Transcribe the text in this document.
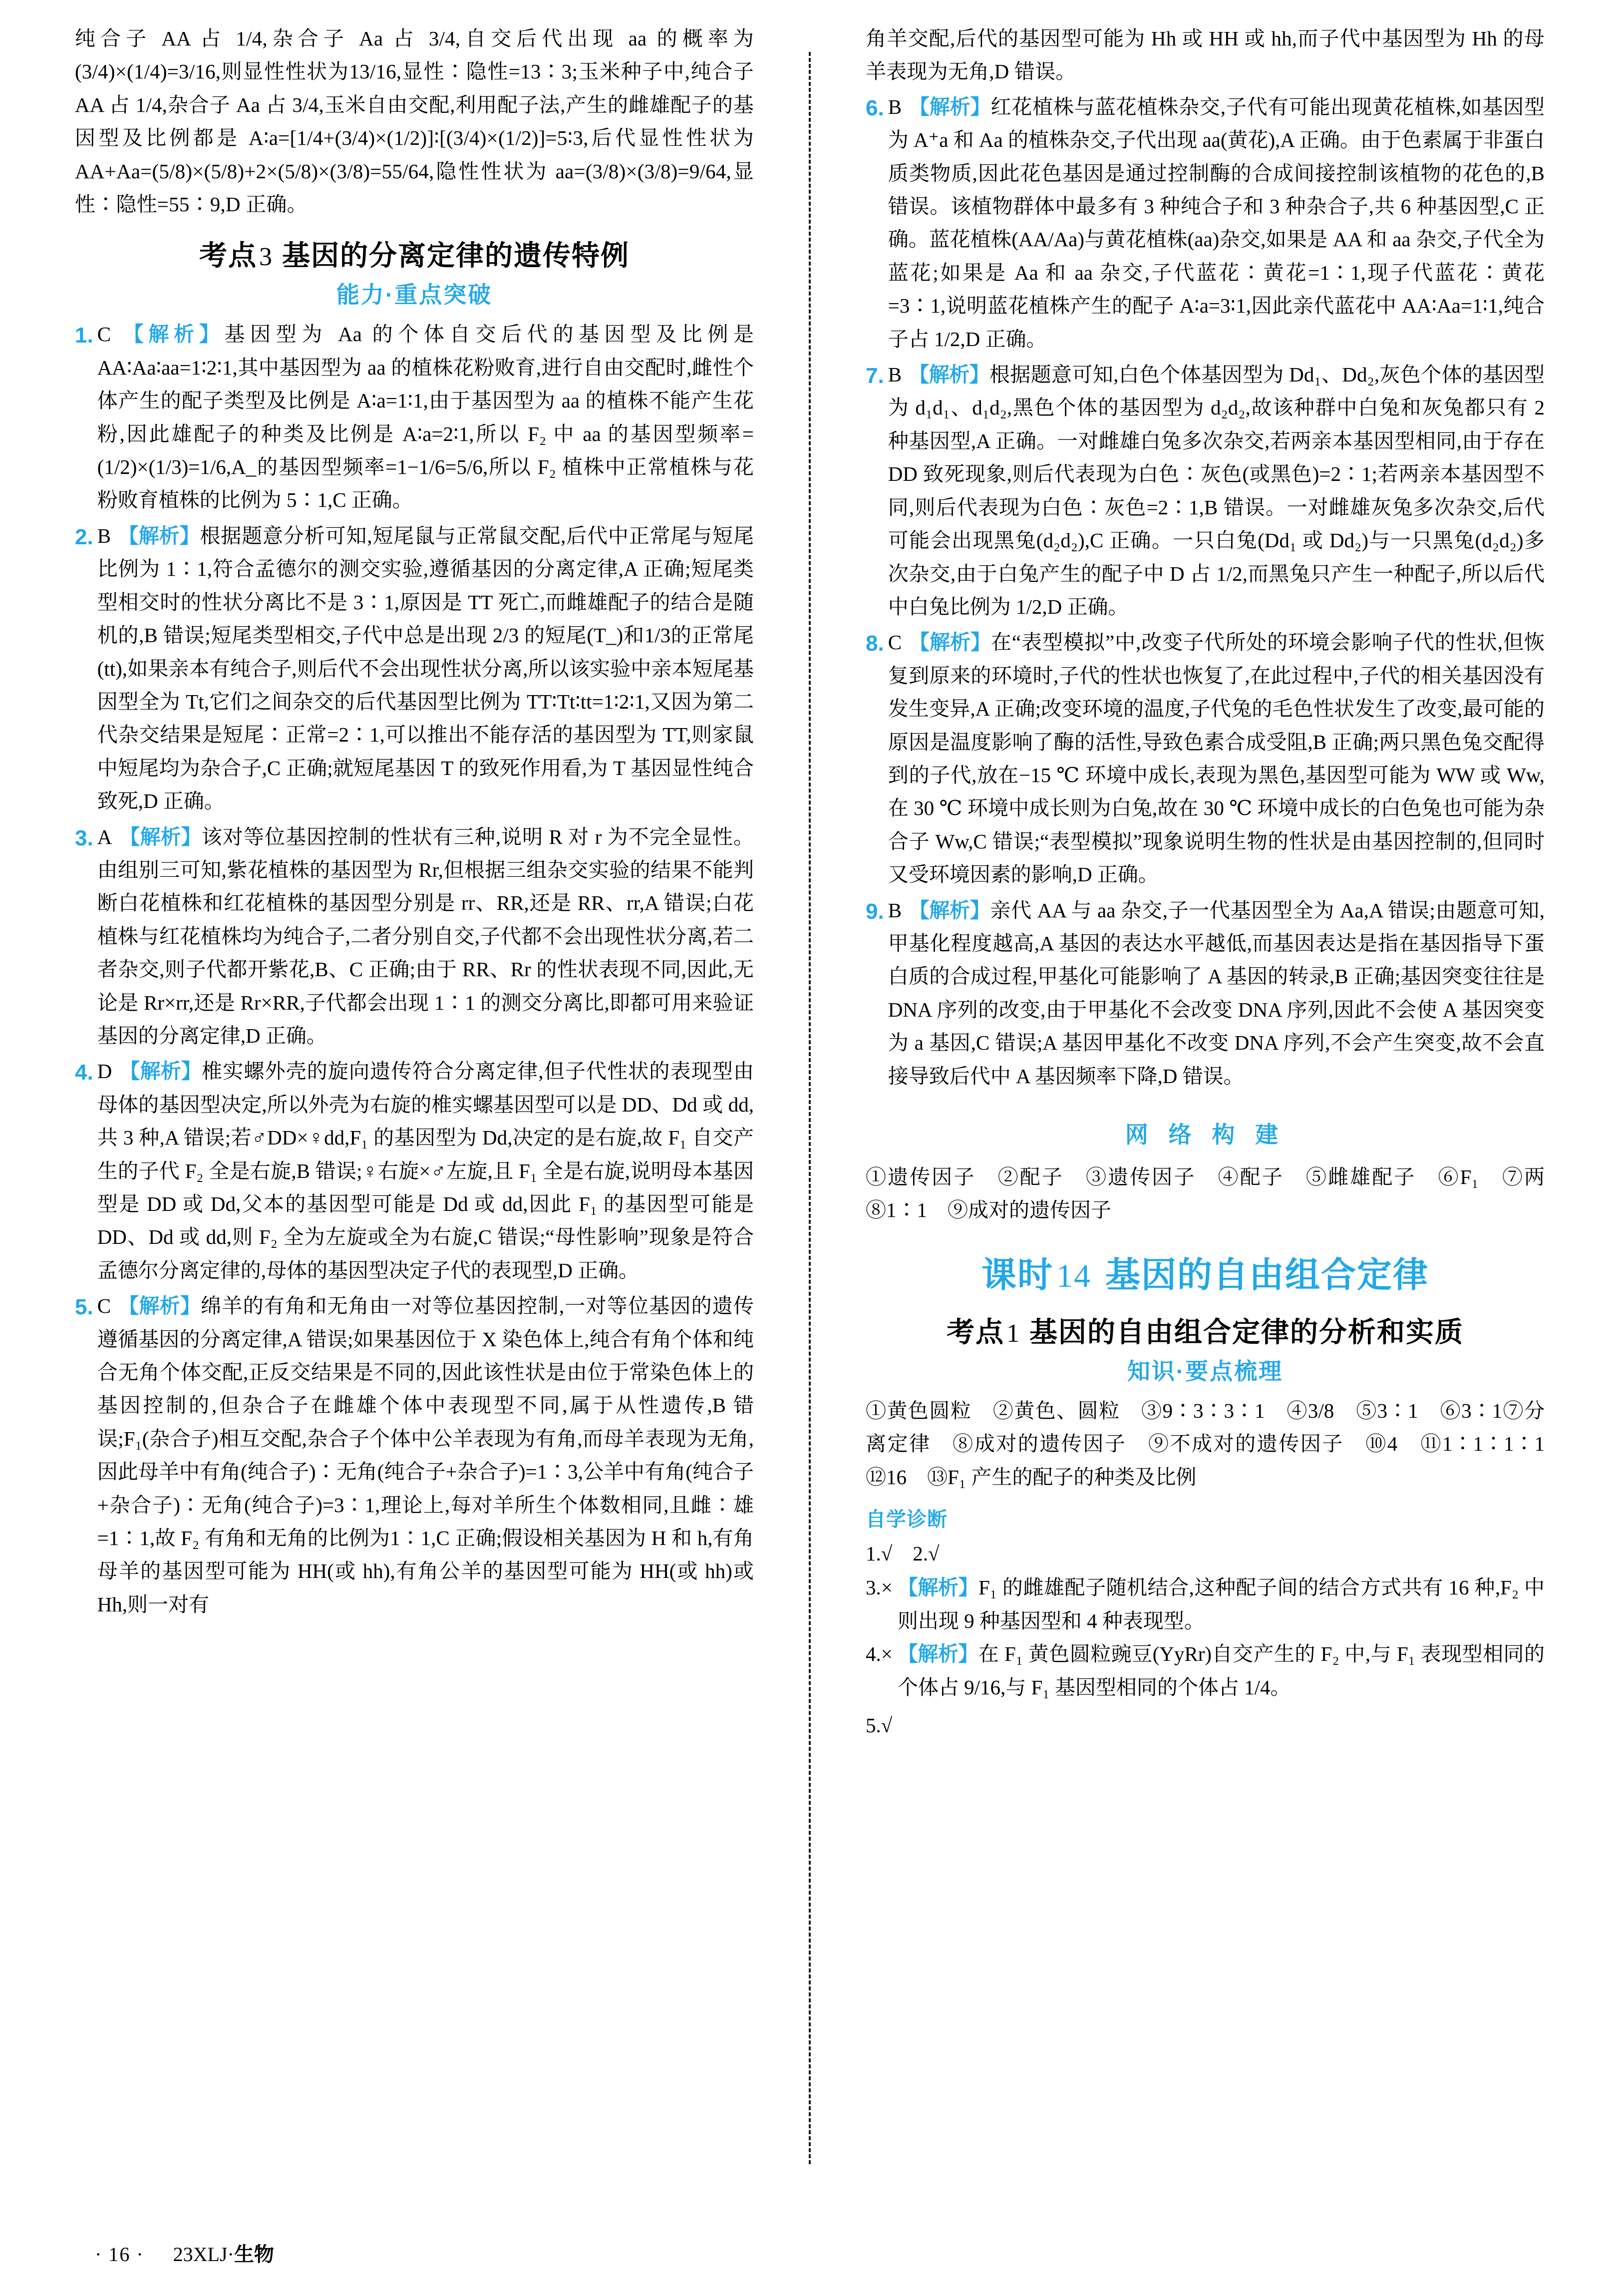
纯合子 AA 占 1/4,杂合子 Aa 占 3/4,自交后代出现 aa 的概率为(3/4)×(1/4)=3/16,则显性性状为13/16,显性∶隐性=13∶3;玉米种子中,纯合子 AA 占 1/4,杂合子 Aa 占 3/4,玉米自由交配,利用配子法,产生的雌雄配子的基因型及比例都是 A∶a=[1/4+(3/4)×(1/2)]∶[(3/4)×(1/2)]=5∶3,后代显性性状为 AA+Aa=(5/8)×(5/8)+2×(5/8)×(3/8)=55/64,隐性性状为 aa=(3/8)×(3/8)=9/64,显性∶隐性=55∶9,D 正确。

考点3 基因的分离定律的遗传特例
能力·重点突破
1. C 【解析】基因型为 Aa 的个体自交后代的基因型及比例是 AA∶Aa∶aa=1∶2∶1,其中基因型为 aa 的植株花粉败育,进行自由交配时,雌性个体产生的配子类型及比例是 A∶a=1∶1,由于基因型为 aa 的植株不能产生花粉,因此雄配子的种类及比例是 A∶a=2∶1,所以 F₂ 中 aa 的基因型频率=(1/2)×(1/3)=1/6,A_的基因型频率=1−1/6=5/6,所以 F₂ 植株中正常植株与花粉败育植株的比例为 5∶1,C 正确。
2. B 【解析】根据题意分析可知,短尾鼠与正常鼠交配,后代中正常尾与短尾比例为 1∶1,符合孟德尔的测交实验,遵循基因的分离定律,A 正确;短尾类型相交时的性状分离比不是 3∶1,原因是 TT 死亡,而雌雄配子的结合是随机的,B 错误;短尾类型相交,子代中总是出现 2/3 的短尾(T_)和1/3的正常尾(tt),如果亲本有纯合子,则后代不会出现性状分离,所以该实验中亲本短尾基因型全为 Tt,它们之间杂交的后代基因型比例为 TT∶Tt∶tt=1∶2∶1,又因为第二代杂交结果是短尾∶正常=2∶1,可以推出不能存活的基因型为 TT,则家鼠中短尾均为杂合子,C 正确;就短尾基因 T 的致死作用看,为 T 基因显性纯合致死,D 正确。
3. A 【解析】该对等位基因控制的性状有三种,说明 R 对 r 为不完全显性。由组别三可知,紫花植株的基因型为 Rr,但根据三组杂交实验的结果不能判断白花植株和红花植株的基因型分别是 rr、RR,还是 RR、rr,A 错误;白花植株与红花植株均为纯合子,二者分别自交,子代都不会出现性状分离,若二者杂交,则子代都开紫花,B、C 正确;由于 RR、Rr 的性状表现不同,因此,无论是 Rr×rr,还是 Rr×RR,子代都会出现 1∶1 的测交分离比,即都可用来验证基因的分离定律,D 正确。
4. D 【解析】椎实螺外壳的旋向遗传符合分离定律,但子代性状的表现型由母体的基因型决定,所以外壳为右旋的椎实螺基因型可以是 DD、Dd 或 dd,共 3 种,A 错误;若♂DD×♀dd,F₁ 的基因型为 Dd,决定的是右旋,故 F₁ 自交产生的子代 F₂ 全是右旋,B 错误;♀右旋×♂左旋,且 F₁ 全是右旋,说明母本基因型是 DD 或 Dd,父本的基因型可能是 Dd 或 dd,因此 F₁ 的基因型可能是 DD、Dd 或 dd,则 F₂ 全为左旋或全为右旋,C 错误;“母性影响”现象是符合孟德尔分离定律的,母体的基因型决定子代的表现型,D 正确。
5. C 【解析】绵羊的有角和无角由一对等位基因控制,一对等位基因的遗传遵循基因的分离定律,A 错误;如果基因位于 X 染色体上,纯合有角个体和纯合无角个体交配,正反交结果是不同的,因此该性状是由位于常染色体上的基因控制的,但杂合子在雌雄个体中表现型不同,属于从性遗传,B 错误;F₁(杂合子)相互交配,杂合子个体中公羊表现为有角,而母羊表现为无角,因此母羊中有角(纯合子)∶无角(纯合子+杂合子)=1∶3,公羊中有角(纯合子+杂合子)∶无角(纯合子)=3∶1,理论上,每对羊所生个体数相同,且雌∶雄=1∶1,故 F₂ 有角和无角的比例为1∶1,C 正确;假设相关基因为 H 和 h,有角母羊的基因型可能为 HH(或 hh),有角公羊的基因型可能为 HH(或 hh)或 Hh,则一对有

角羊交配,后代的基因型可能为 Hh 或 HH 或 hh,而子代中基因型为 Hh 的母羊表现为无角,D 错误。

6. B 【解析】红花植株与蓝花植株杂交,子代有可能出现黄花植株,如基因型为 A⁺a 和 Aa 的植株杂交,子代出现 aa(黄花),A 正确。由于色素属于非蛋白质类物质,因此花色基因是通过控制酶的合成间接控制该植物的花色的,B 错误。该植物群体中最多有 3 种纯合子和 3 种杂合子,共 6 种基因型,C 正确。蓝花植株(AA/Aa)与黄花植株(aa)杂交,如果是 AA 和 aa 杂交,子代全为蓝花;如果是 Aa 和 aa 杂交,子代蓝花∶黄花=1∶1,现子代蓝花∶黄花=3∶1,说明蓝花植株产生的配子 A∶a=3∶1,因此亲代蓝花中 AA∶Aa=1∶1,纯合子占 1/2,D 正确。
7. B 【解析】根据题意可知,白色个体基因型为 Dd₁、Dd₂,灰色个体的基因型为 d₁d₁、d₁d₂,黑色个体的基因型为 d₂d₂,故该种群中白兔和灰兔都只有 2 种基因型,A 正确。一对雌雄白兔多次杂交,若两亲本基因型相同,由于存在 DD 致死现象,则后代表现为白色∶灰色(或黑色)=2∶1;若两亲本基因型不同,则后代表现为白色∶灰色=2∶1,B 错误。一对雌雄灰兔多次杂交,后代可能会出现黑兔(d₂d₂),C 正确。一只白兔(Dd₁ 或 Dd₂)与一只黑兔(d₂d₂)多次杂交,由于白兔产生的配子中 D 占 1/2,而黑兔只产生一种配子,所以后代中白兔比例为 1/2,D 正确。
8. C 【解析】在“表型模拟”中,改变子代所处的环境会影响子代的性状,但恢复到原来的环境时,子代的性状也恢复了,在此过程中,子代的相关基因没有发生变异,A 正确;改变环境的温度,子代兔的毛色性状发生了改变,最可能的原因是温度影响了酶的活性,导致色素合成受阻,B 正确;两只黑色兔交配得到的子代,放在−15 ℃ 环境中成长,表现为黑色,基因型可能为 WW 或 Ww,在 30 ℃ 环境中成长则为白兔,故在 30 ℃ 环境中成长的白色兔也可能为杂合子 Ww,C 错误;“表型模拟”现象说明生物的性状是由基因控制的,但同时又受环境因素的影响,D 正确。
9. B 【解析】亲代 AA 与 aa 杂交,子一代基因型全为 Aa,A 错误;由题意可知,甲基化程度越高,A 基因的表达水平越低,而基因表达是指在基因指导下蛋白质的合成过程,甲基化可能影响了 A 基因的转录,B 正确;基因突变往往是 DNA 序列的改变,由于甲基化不会改变 DNA 序列,因此不会使 A 基因突变为 a 基因,C 错误;A 基因甲基化不改变 DNA 序列,不会产生突变,故不会直接导致后代中 A 基因频率下降,D 错误。
网 络 构 建
①遗传因子　②配子　③遗传因子　④配子　⑤雌雄配子　⑥F₁　⑦两⑧1∶1　⑨成对的遗传因子
课时14 基因的自由组合定律
考点1 基因的自由组合定律的分析和实质
知识·要点梳理
①黄色圆粒　②黄色、圆粒　③9∶3∶3∶1　④3/8　⑤3∶1　⑥3∶1⑦分离定律　⑧成对的遗传因子　⑨不成对的遗传因子　⑩4　⑪1∶1∶1∶1　⑫16　⑬F₁ 产生的配子的种类及比例
自学诊断
1.√　2.√
3.× 【解析】F₁ 的雌雄配子随机结合,这种配子间的结合方式共有 16 种,F₂ 中则出现 9 种基因型和 4 种表现型。
4.× 【解析】在 F₁ 黄色圆粒豌豆(YyRr)自交产生的 F₂ 中,与 F₁ 表现型相同的个体占 9/16,与 F₁ 基因型相同的个体占 1/4。
5.√
· 16 ·	23XLJ·生物
